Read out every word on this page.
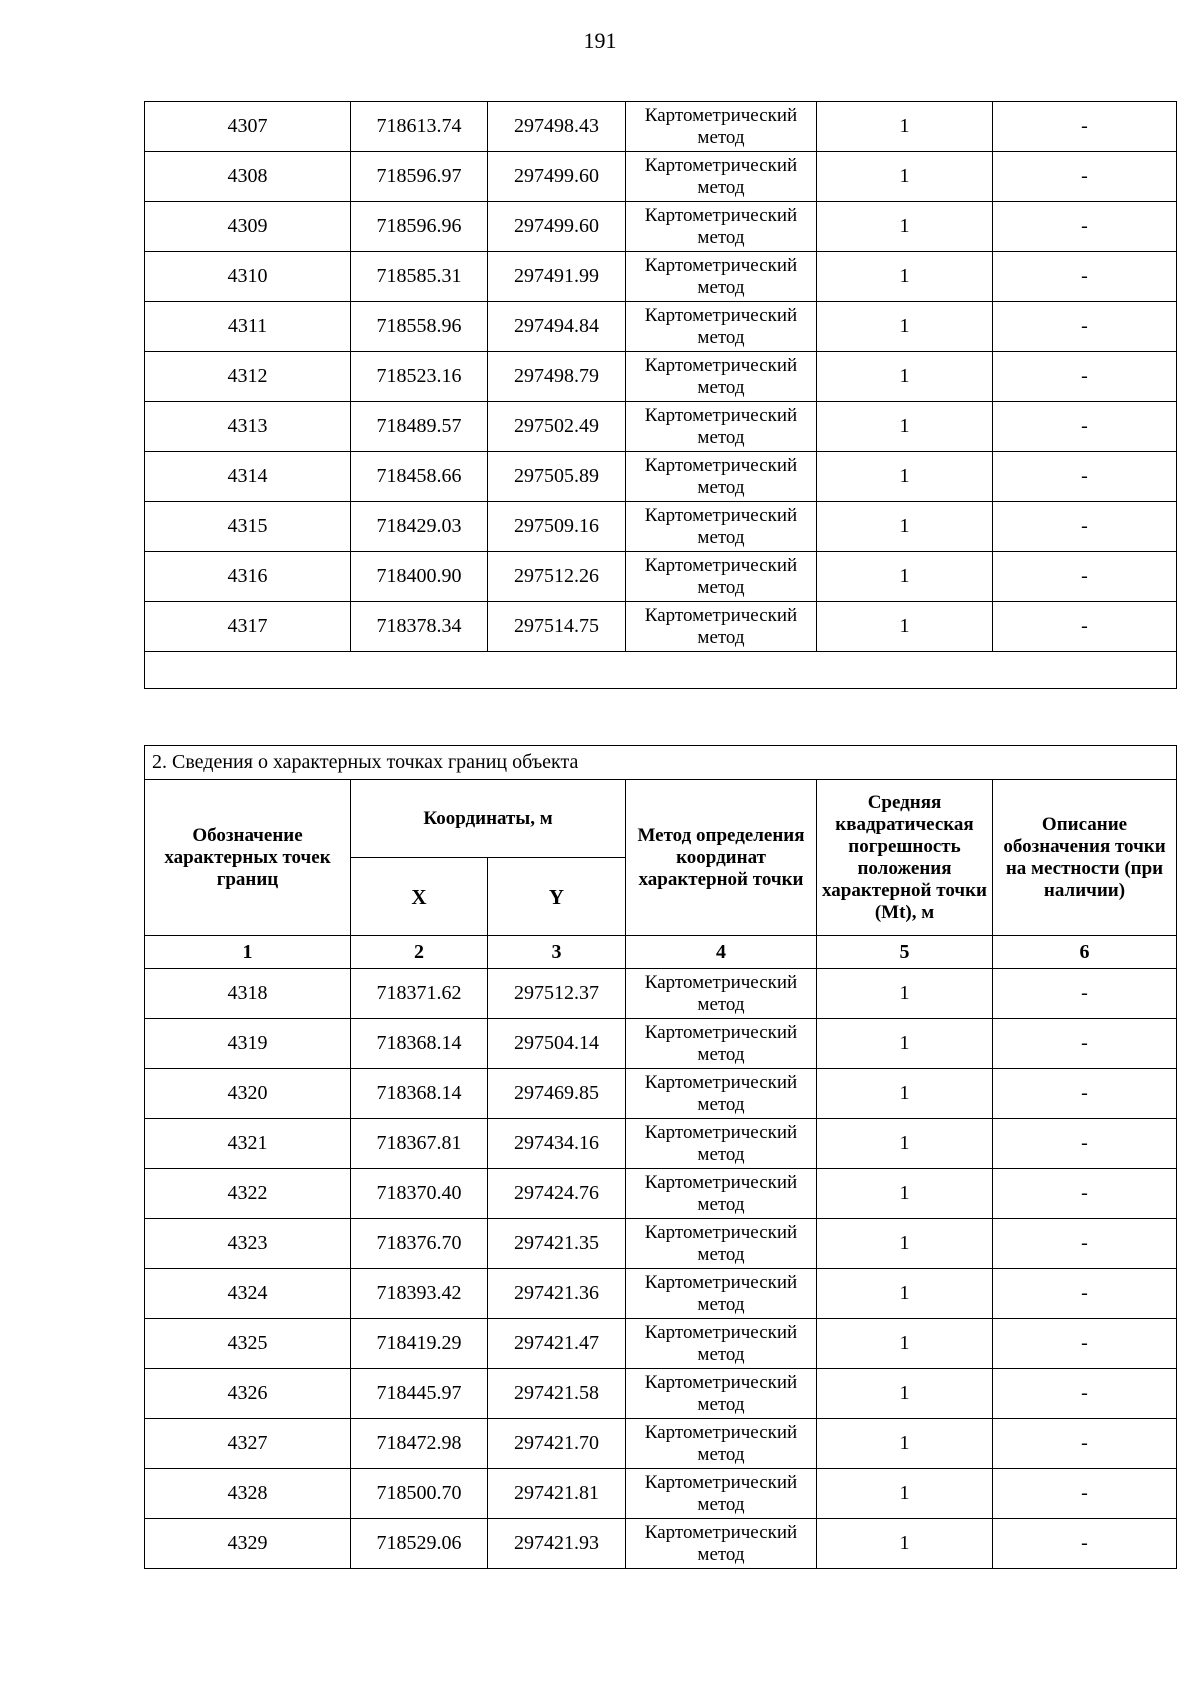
191
4307	718613.74	297498.43	Картометрический метод	1	-
4308	718596.97	297499.60	Картометрический метод	1	-
4309	718596.96	297499.60	Картометрический метод	1	-
4310	718585.31	297491.99	Картометрический метод	1	-
4311	718558.96	297494.84	Картометрический метод	1	-
4312	718523.16	297498.79	Картометрический метод	1	-
4313	718489.57	297502.49	Картометрический метод	1	-
4314	718458.66	297505.89	Картометрический метод	1	-
4315	718429.03	297509.16	Картометрический метод	1	-
4316	718400.90	297512.26	Картометрический метод	1	-
4317	718378.34	297514.75	Картометрический метод	1	-

2. Сведения о характерных точках границ объекта					
Обозначение характерных точек границ	Координаты, м		Метод определения координат характерной точки	Средняя квадратическая погрешность положения характерной точки (Mt), м	Описание обозначения точки на местности (при наличии)
	X	Y			
1	2	3	4	5	6
4318	718371.62	297512.37	Картометрический метод	1	-
4319	718368.14	297504.14	Картометрический метод	1	-
4320	718368.14	297469.85	Картометрический метод	1	-
4321	718367.81	297434.16	Картометрический метод	1	-
4322	718370.40	297424.76	Картометрический метод	1	-
4323	718376.70	297421.35	Картометрический метод	1	-
4324	718393.42	297421.36	Картометрический метод	1	-
4325	718419.29	297421.47	Картометрический метод	1	-
4326	718445.97	297421.58	Картометрический метод	1	-
4327	718472.98	297421.70	Картометрический метод	1	-
4328	718500.70	297421.81	Картометрический метод	1	-
4329	718529.06	297421.93	Картометрический метод	1	-
